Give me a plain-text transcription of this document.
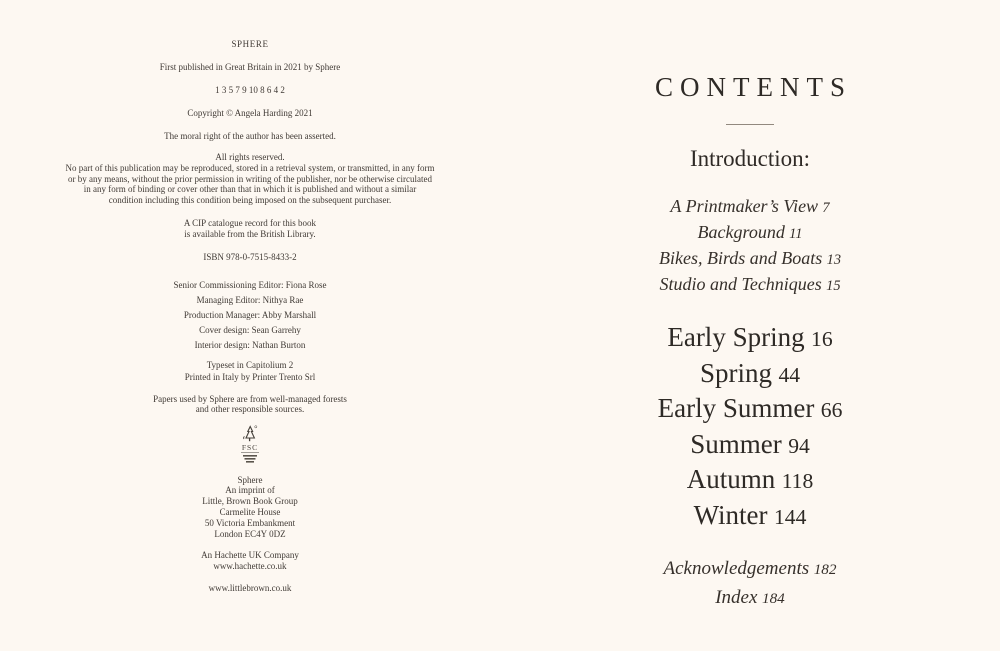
SPHERE
First published in Great Britain in 2021 by Sphere
1 3 5 7 9 10 8 6 4 2
Copyright © Angela Harding 2021
The moral right of the author has been asserted.
All rights reserved.
No part of this publication may be reproduced, stored in a retrieval system, or transmitted, in any form
or by any means, without the prior permission in writing of the publisher, nor be otherwise circulated
in any form of binding or cover other than that in which it is published and without a similar
condition including this condition being imposed on the subsequent purchaser.
A CIP catalogue record for this book
is available from the British Library.
ISBN 978-0-7515-8433-2
Senior Commissioning Editor: Fiona Rose
Managing Editor: Nithya Rae
Production Manager: Abby Marshall
Cover design: Sean Garrehy
Interior design: Nathan Burton
Typeset in Capitolium 2
Printed in Italy by Printer Trento Srl
Papers used by Sphere are from well-managed forests
and other responsible sources.
FSC
Sphere
An imprint of
Little, Brown Book Group
Carmelite House
50 Victoria Embankment
London EC4Y 0DZ
An Hachette UK Company
www.hachette.co.uk
www.littlebrown.co.uk
CONTENTS
Introduction:
A Printmaker’s View 7
Background 11
Bikes, Birds and Boats 13
Studio and Techniques 15
Early Spring 16
Spring 44
Early Summer 66
Summer 94
Autumn 118
Winter 144
Acknowledgements 182
Index 184
